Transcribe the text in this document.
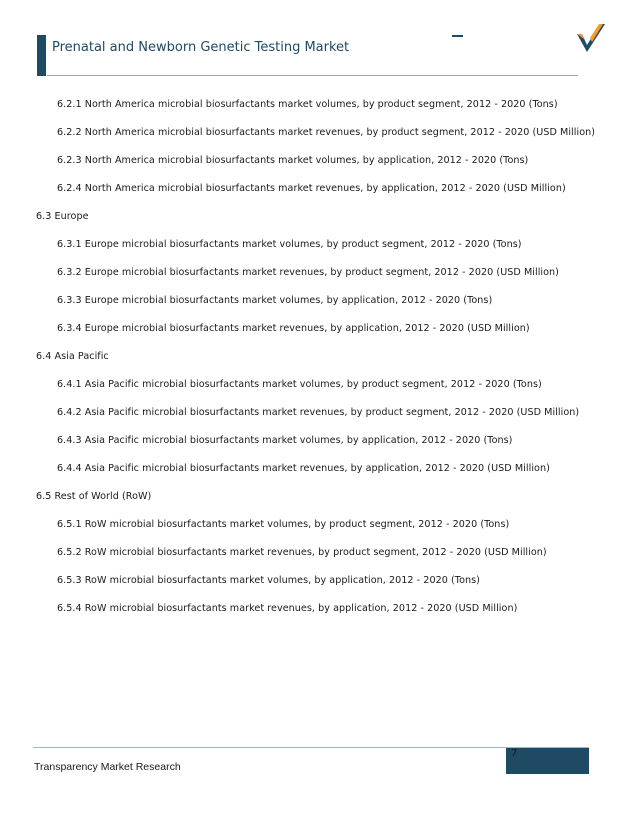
Prenatal and Newborn Genetic Testing Market
6.2.1 North America microbial biosurfactants market volumes, by product segment, 2012 - 2020 (Tons)
6.2.2 North America microbial biosurfactants market revenues, by product segment, 2012 - 2020 (USD Million)
6.2.3 North America microbial biosurfactants market volumes, by application, 2012 - 2020 (Tons)
6.2.4 North America microbial biosurfactants market revenues, by application, 2012 - 2020 (USD Million)
6.3 Europe
6.3.1 Europe microbial biosurfactants market volumes, by product segment, 2012 - 2020 (Tons)
6.3.2 Europe microbial biosurfactants market revenues, by product segment, 2012 - 2020 (USD Million)
6.3.3 Europe microbial biosurfactants market volumes, by application, 2012 - 2020 (Tons)
6.3.4 Europe microbial biosurfactants market revenues, by application, 2012 - 2020 (USD Million)
6.4 Asia Pacific
6.4.1 Asia Pacific microbial biosurfactants market volumes, by product segment, 2012 - 2020 (Tons)
6.4.2 Asia Pacific microbial biosurfactants market revenues, by product segment, 2012 - 2020 (USD Million)
6.4.3 Asia Pacific microbial biosurfactants market volumes, by application, 2012 - 2020 (Tons)
6.4.4 Asia Pacific microbial biosurfactants market revenues, by application, 2012 - 2020 (USD Million)
6.5 Rest of World (RoW)
6.5.1 RoW microbial biosurfactants market volumes, by product segment, 2012 - 2020 (Tons)
6.5.2 RoW microbial biosurfactants market revenues, by product segment, 2012 - 2020 (USD Million)
6.5.3 RoW microbial biosurfactants market volumes, by application, 2012 - 2020 (Tons)
6.5.4 RoW microbial biosurfactants market revenues, by application, 2012 - 2020 (USD Million)
7
Transparency Market Research
